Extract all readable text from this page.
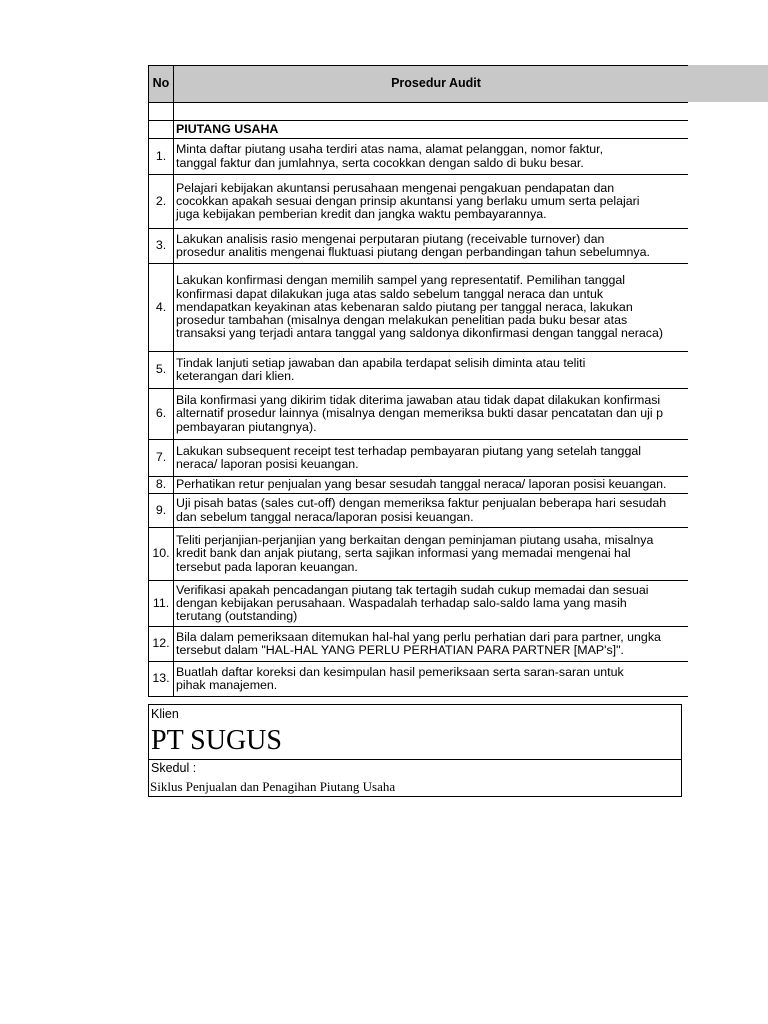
No	Prosedur Audit

	PIUTANG USAHA
1.	Minta daftar piutang usaha terdiri atas nama, alamat pelanggan, nomor faktur,
tanggal faktur dan jumlahnya, serta cocokkan dengan saldo di buku besar.

2.	Pelajari kebijakan akuntansi perusahaan mengenai pengakuan pendapatan dan
cocokkan apakah sesuai dengan prinsip akuntansi yang berlaku umum serta pelajari
juga kebijakan pemberian kredit dan jangka waktu pembayarannya.

3.	Lakukan analisis rasio mengenai perputaran piutang (receivable turnover) dan
prosedur analitis mengenai fluktuasi piutang dengan perbandingan tahun sebelumnya.

4.	Lakukan konfirmasi dengan memilih sampel yang representatif. Pemilihan tanggal
konfirmasi dapat dilakukan juga atas saldo sebelum tanggal neraca dan untuk
mendapatkan keyakinan atas kebenaran saldo piutang per tanggal neraca, lakukan
prosedur tambahan (misalnya dengan melakukan penelitian pada buku besar atas
transaksi yang terjadi antara tanggal yang saldonya dikonfirmasi dengan tanggal neraca)

5.	Tindak lanjuti setiap jawaban dan apabila terdapat selisih diminta atau teliti
keterangan dari klien.

6.	Bila konfirmasi yang dikirim tidak diterima jawaban atau tidak dapat dilakukan konfirmasi
alternatif prosedur lainnya (misalnya dengan memeriksa bukti dasar pencatatan dan uji p
pembayaran piutangnya).

7.	Lakukan subsequent receipt test terhadap pembayaran piutang yang setelah tanggal
neraca/ laporan posisi keuangan.

8.	Perhatikan retur penjualan yang besar sesudah tanggal neraca/ laporan posisi keuangan.

9.	Uji pisah batas (sales cut-off) dengan memeriksa faktur penjualan beberapa hari sesudah
dan sebelum tanggal neraca/laporan posisi keuangan.

10.	Teliti perjanjian-perjanjian yang berkaitan dengan peminjaman piutang usaha, misalnya
kredit bank dan anjak piutang, serta sajikan informasi yang memadai mengenai hal
tersebut pada laporan keuangan.

11.	Verifikasi apakah pencadangan piutang tak tertagih sudah cukup memadai dan sesuai
dengan kebijakan perusahaan. Waspadalah terhadap salo-saldo lama yang masih
terutang (outstanding)

12.	Bila dalam pemeriksaan ditemukan hal-hal yang perlu perhatian dari para partner, ungka
tersebut dalam "HAL-HAL YANG PERLU PERHATIAN PARA PARTNER [MAP's]".

13.	Buatlah daftar koreksi dan kesimpulan hasil pemeriksaan serta saran-saran untuk
pihak manajemen.
Klien
PT SUGUS
Skedul :
Siklus Penjualan dan Penagihan Piutang Usaha
